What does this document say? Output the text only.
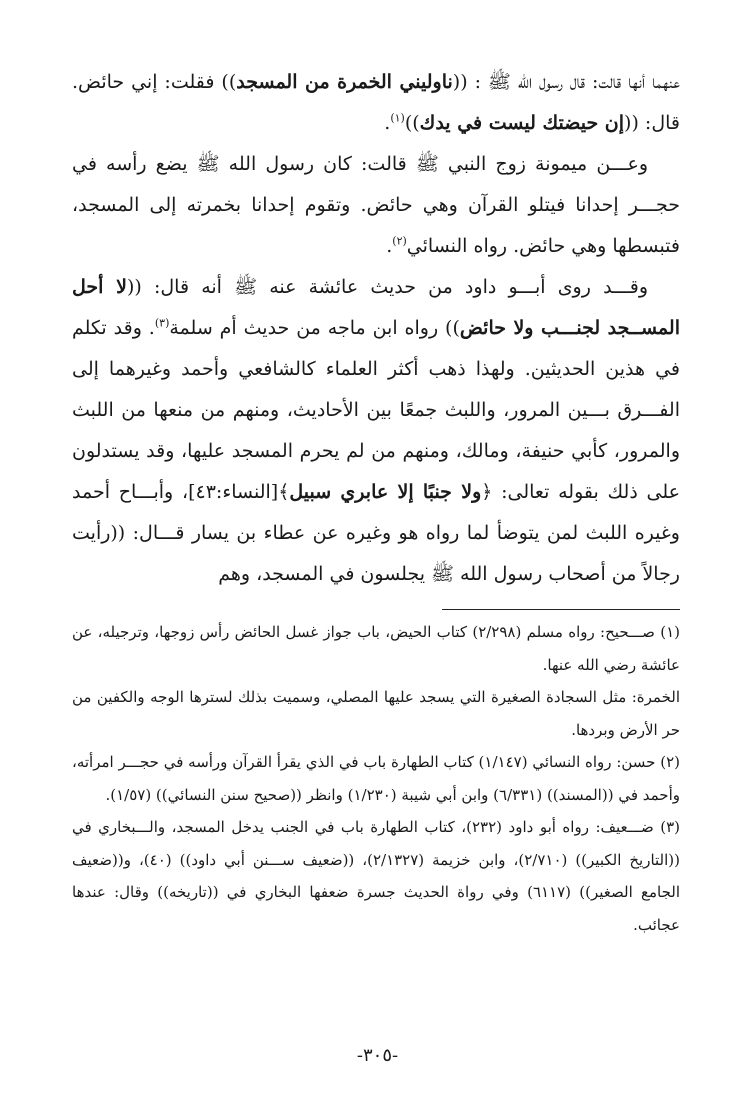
عنهما أنها قالت: قال رسول الله ﷺ : ((ناوليني الخمرة من المسجد)) فقلت: إني حائض. قال: ((إن حيضتك ليست في يدك))$^{(١)}$.

وعـــن ميمونة زوج النبي ﷺ قالت: كان رسول الله ﷺ يضع رأسه في حجـــر إحدانا فيتلو القرآن وهي حائض. وتقوم إحدانا بخمرته إلى المسجد، فتبسطها وهي حائض. رواه النسائي$^{(٢)}$.

وقـــد روى أبـــو داود من حديث عائشة عنه ﷺ أنه قال: ((لا أحل المســجد لجنـــب ولا حائض)) رواه ابن ماجه من حديث أم سلمة$^{(٣)}$. وقد تكلم في هذين الحديثين. ولهذا ذهب أكثر العلماء كالشافعي وأحمد وغيرهما إلى الفـــرق بـــين المرور، واللبث جمعًا بين الأحاديث، ومنهم من منعها من اللبث والمرور، كأبي حنيفة، ومالك، ومنهم من لم يحرم المسجد عليها، وقد يستدلون على ذلك بقوله تعالى: ﴿ولا جنبًا إلا عابري سبيل﴾[النساء:٤٣]، وأبـــاح أحمد وغيره اللبث لمن يتوضأ لما رواه هو وغيره عن عطاء بن يسار قـــال: ((رأيت رجالاً من أصحاب رسول الله ﷺ يجلسون في المسجد، وهم

(١) صـــحيح: رواه مسلم (٢/٢٩٨) كتاب الحيض، باب جواز غسل الحائض رأس زوجها، وترجيله، عن عائشة رضي الله عنها.

الخمرة: مثل السجادة الصغيرة التي يسجد عليها المصلي، وسميت بذلك لسترها الوجه والكفين من حر الأرض وبردها.

(٢) حسن: رواه النسائي (١/١٤٧) كتاب الطهارة باب في الذي يقرأ القرآن ورأسه في حجـــر امرأته، وأحمد في ((المسند)) (٦/٣٣١) وابن أبي شيبة (١/٢٣٠) وانظر ((صحيح سنن النسائي)) (١/٥٧).

(٣) ضـــعيف: رواه أبو داود (٢٣٢)، كتاب الطهارة باب في الجنب يدخل المسجد، والـــبخاري في ((التاريخ الكبير)) (٢/٧١٠)، وابن خزيمة (٢/١٣٢٧)، ((ضعيف ســـنن أبي داود)) (٤٠)، و((ضعيف الجامع الصغير)) (٦١١٧) وفي رواة الحديث جسرة ضعفها البخاري في ((تاريخه)) وقال: عندها عجائب.

-٣٠٥-
